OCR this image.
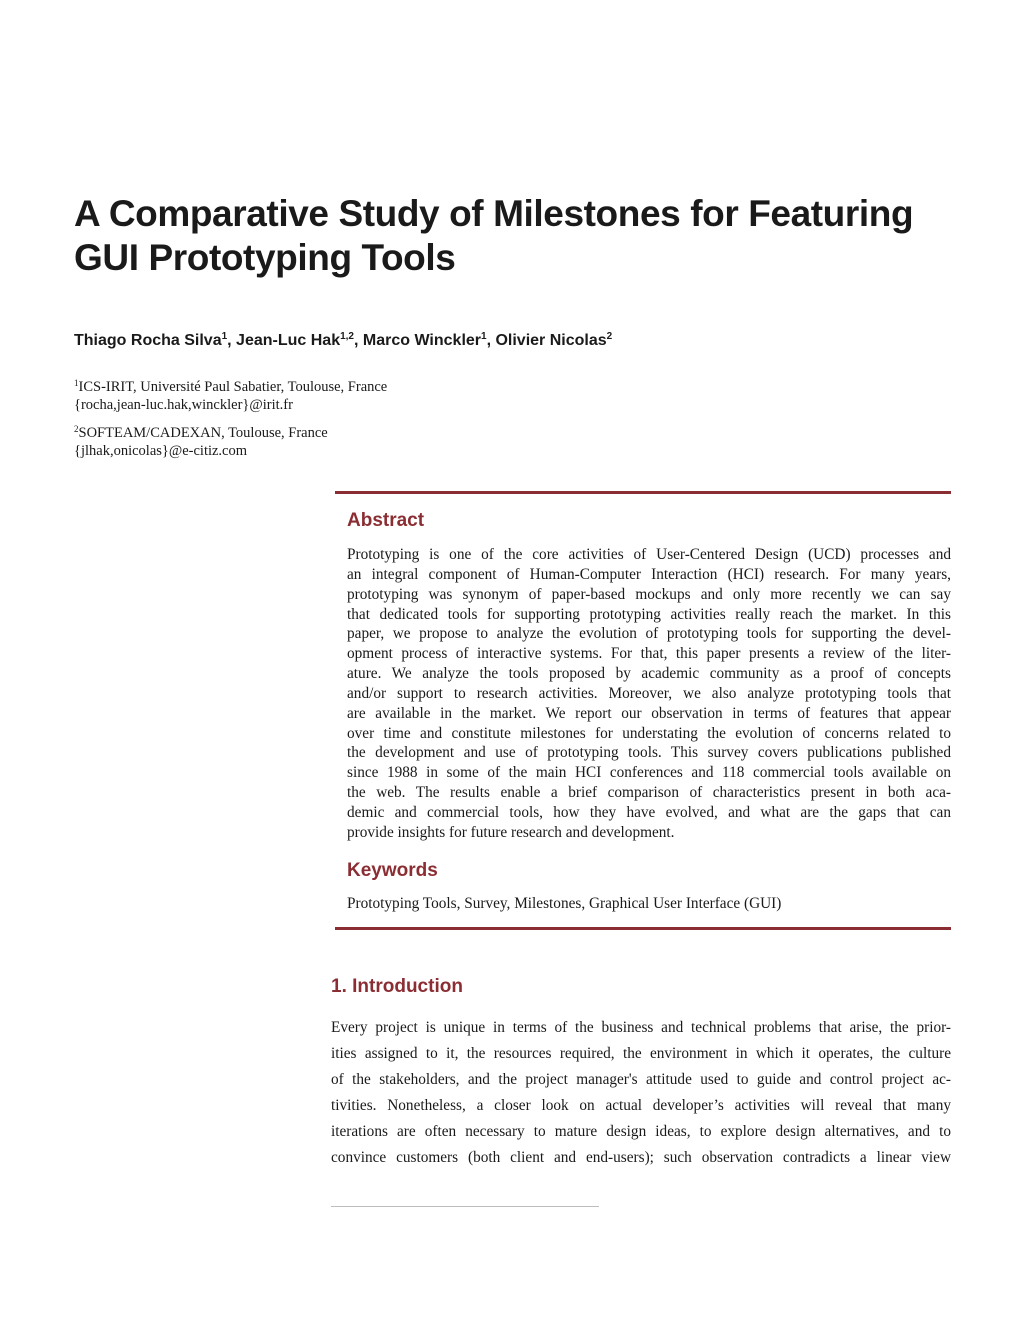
A Comparative Study of Milestones for Featuring
GUI Prototyping Tools
Thiago Rocha Silva$^1$, Jean-Luc Hak$^{1,2}$, Marco Winckler$^1$, Olivier Nicolas$^2$
$^1$ICS-IRIT, Université Paul Sabatier, Toulouse, France
{rocha,jean-luc.hak,winckler}@irit.fr
$^2$SOFTEAM/CADEXAN, Toulouse, France
{jlhak,onicolas}@e-citiz.com
Abstract
Prototyping is one of the core activities of User-Centered Design (UCD) processes and
an integral component of Human-Computer Interaction (HCI) research. For many years,
prototyping was synonym of paper-based mockups and only more recently we can say
that dedicated tools for supporting prototyping activities really reach the market. In this
paper, we propose to analyze the evolution of prototyping tools for supporting the devel-
opment process of interactive systems. For that, this paper presents a review of the liter-
ature. We analyze the tools proposed by academic community as a proof of concepts
and/or support to research activities. Moreover, we also analyze prototyping tools that
are available in the market. We report our observation in terms of features that appear
over time and constitute milestones for understating the evolution of concerns related to
the development and use of prototyping tools. This survey covers publications published
since 1988 in some of the main HCI conferences and 118 commercial tools available on
the web. The results enable a brief comparison of characteristics present in both aca-
demic and commercial tools, how they have evolved, and what are the gaps that can
provide insights for future research and development.
Keywords
Prototyping Tools, Survey, Milestones, Graphical User Interface (GUI)
1. Introduction
Every project is unique in terms of the business and technical problems that arise, the prior-
ities assigned to it, the resources required, the environment in which it operates, the culture
of the stakeholders, and the project manager's attitude used to guide and control project ac-
tivities. Nonetheless, a closer look on actual developer’s activities will reveal that many
iterations are often necessary to mature design ideas, to explore design alternatives, and to
convince customers (both client and end-users); such observation contradicts a linear view
